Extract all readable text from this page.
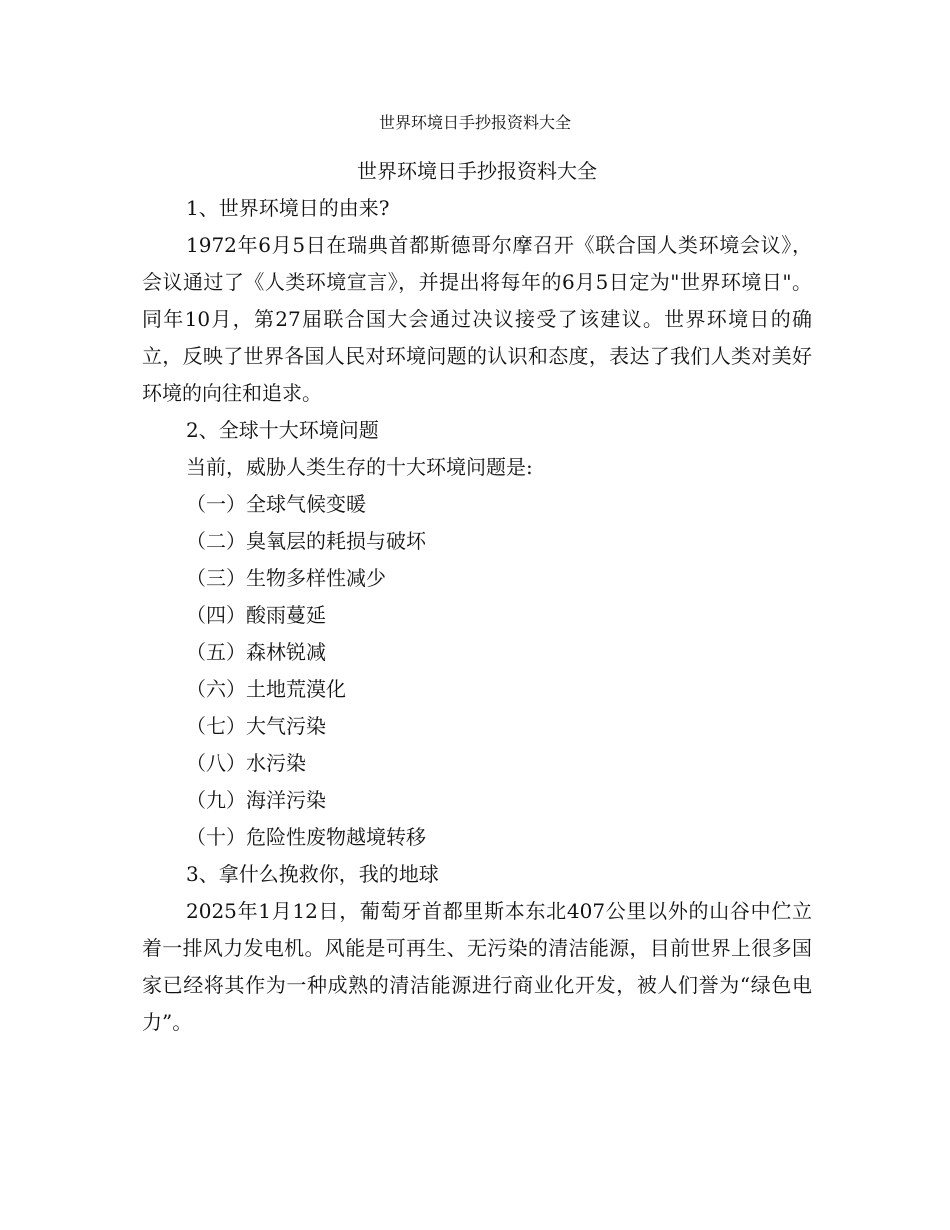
世界环境日手抄报资料大全
世界环境日手抄报资料大全

1、世界环境日的由来?

1972年6月5日在瑞典首都斯德哥尔摩召开《联合国人类环境会议》，会议通过了《人类环境宣言》，并提出将每年的6月5日定为"世界环境日"。同年10月，第27届联合国大会通过决议接受了该建议。世界环境日的确立，反映了世界各国人民对环境问题的认识和态度，表达了我们人类对美好环境的向往和追求。

2、全球十大环境问题

当前，威胁人类生存的十大环境问题是:

（一）全球气候变暖

（二）臭氧层的耗损与破坏

（三）生物多样性减少

（四）酸雨蔓延

（五）森林锐减

（六）土地荒漠化

（七）大气污染

（八）水污染

（九）海洋污染

（十）危险性废物越境转移

3、拿什么挽救你，我的地球

2025年1月12日，葡萄牙首都里斯本东北407公里以外的山谷中伫立着一排风力发电机。风能是可再生、无污染的清洁能源，目前世界上很多国家已经将其作为一种成熟的清洁能源进行商业化开发，被人们誉为“绿色电力”。
